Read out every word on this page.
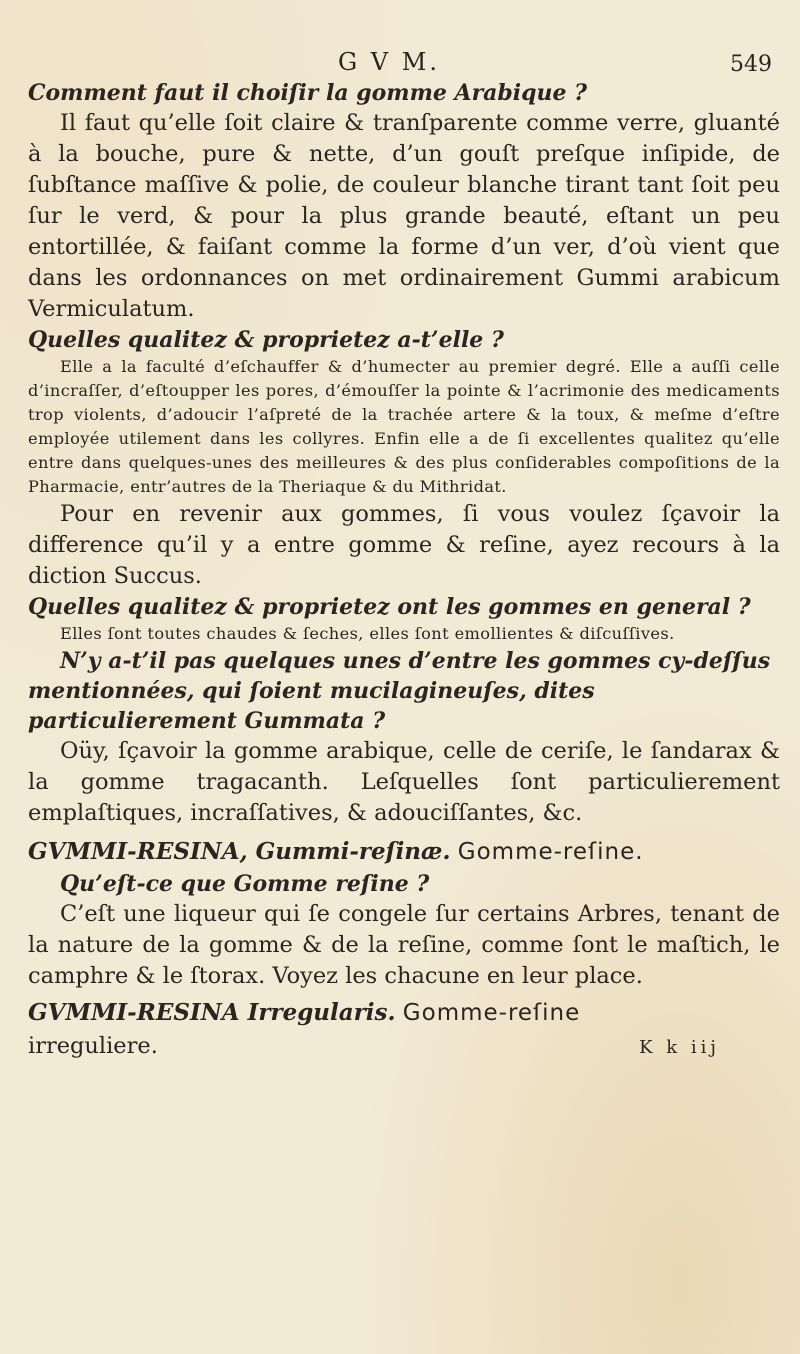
G V M.	549

Comment faut il choiſir la gomme Arabique ?

Il faut qu’elle ſoit claire & tranſparente comme verre, gluanté à la bouche, pure & nette, d’un gouſt preſque inſipide, de ſubſtance maſſive & polie, de couleur blanche tirant tant ſoit peu ſur le verd, & pour la plus grande beauté, eſtant un peu entortillée, & faiſant comme la forme d’un ver, d’où vient que dans les ordonnances on met ordinairement Gummi arabicum Vermiculatum.

Quelles qualitez & proprietez a-t’elle ?

Elle a la faculté d’eſchauffer & d’humecter au premier degré. Elle a auſſi celle d’incraſſer, d’eſtoupper les pores, d’émouſſer la pointe & l’acrimonie des medicaments trop violents, d’adoucir l’aſpreté de la trachée artere & la toux, & meſme d’eſtre employée utilement dans les collyres. Enfin elle a de ſi excellentes qualitez qu’elle entre dans quelques-unes des meilleures & des plus conſiderables compoſitions de la Pharmacie, entr’autres de la Theriaque & du Mithridat.

Pour en revenir aux gommes, ſi vous voulez ſçavoir la difference qu’il y a entre gomme & reſine, ayez recours à la diction Succus.

Quelles qualitez & proprietez ont les gommes en general ?

Elles ſont toutes chaudes & ſeches, elles ſont emollientes & diſcuſſives.

N’y a-t’il pas quelques unes d’entre les gommes cy-deſſus mentionnées, qui ſoient mucilagineuſes, dites particulierement Gummata ?

Oüy, ſçavoir la gomme arabique, celle de ceriſe, le ſandarax & la gomme tragacanth. Leſquelles ſont particulierement emplaſtiques, incraſſatives, & adouciſſantes, &c.

GVMMI-RESINA, Gummi-reſinæ. Gomme-reſine.

Qu’eſt-ce que Gomme reſine ?

C’eſt une liqueur qui ſe congele ſur certains Arbres, tenant de la nature de la gomme & de la reſine, comme ſont le maſtich, le camphre & le ſtorax. Voyez les chacune en leur place.

GVMMI-RESINA Irregularis. Gomme-reſine

irreguliere.	K k iij
